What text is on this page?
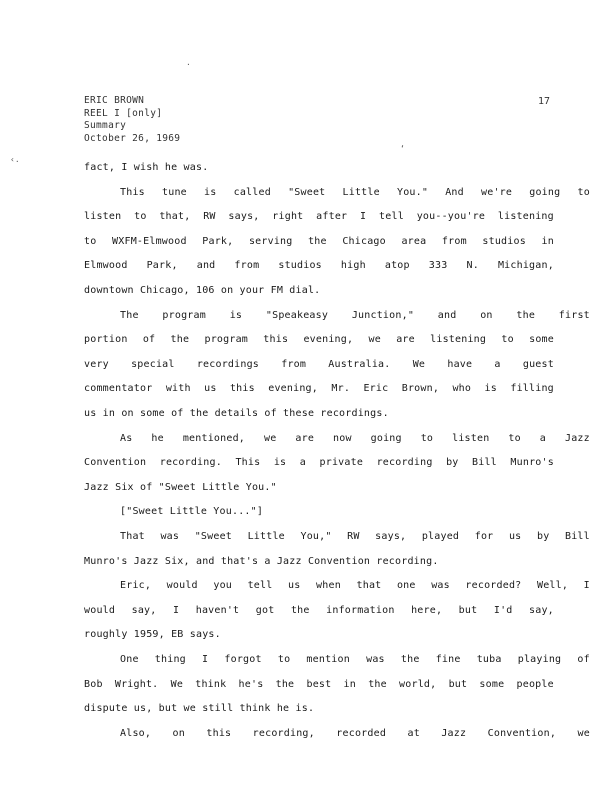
ERIC BROWN
REEL I [only]
Summary
October 26, 1969
17
‹.
‘
.
fact, I wish he was.
This tune is called "Sweet Little You." And we're going to
listen to that, RW says, right after I tell you--you're listening
to WXFM-Elmwood Park, serving the Chicago area from studios in
Elmwood Park, and from studios high atop 333 N. Michigan,
downtown Chicago, 106 on your FM dial.
The program is "Speakeasy Junction," and on the first
portion of the program this evening, we are listening to some
very special recordings from Australia. We have a guest
commentator with us this evening, Mr. Eric Brown, who is filling
us in on some of the details of these recordings.
As he mentioned, we are now going to listen to a Jazz
Convention recording. This is a private recording by Bill Munro's
Jazz Six of "Sweet Little You."
["Sweet Little You..."]
That was "Sweet Little You," RW says, played for us by Bill
Munro's Jazz Six, and that's a Jazz Convention recording.
Eric, would you tell us when that one was recorded? Well, I
would say, I haven't got the information here, but I'd say,
roughly 1959, EB says.
One thing I forgot to mention was the fine tuba playing of
Bob Wright. We think he's the best in the world, but some people
dispute us, but we still think he is.
Also, on this recording, recorded at Jazz Convention, we
